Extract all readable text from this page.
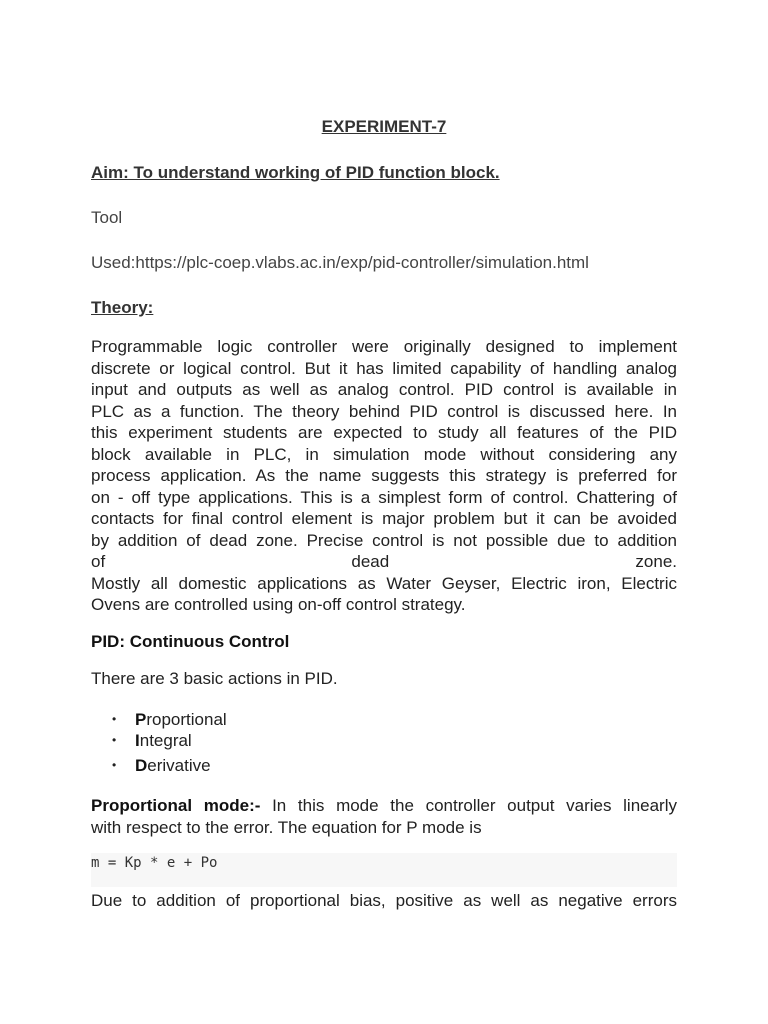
EXPERIMENT-7
Aim: To understand working of PID function block.
Tool
Used:https://plc-coep.vlabs.ac.in/exp/pid-controller/simulation.html
Theory:
Programmable logic controller were originally designed to implement
discrete or logical control. But it has limited capability of handling analog
input and outputs as well as analog control. PID control is available in
PLC as a function. The theory behind PID control is discussed here. In
this experiment students are expected to study all features of the PID
block available in PLC, in simulation mode without considering any
process application. As the name suggests this strategy is preferred for
on - off type applications. This is a simplest form of control. Chattering of
contacts for final control element is major problem but it can be avoided
by addition of dead zone. Precise control is not possible due to addition
of dead zone.
Mostly all domestic applications as Water Geyser, Electric iron, Electric
Ovens are controlled using on-off control strategy.
PID: Continuous Control
There are 3 basic actions in PID.
• Proportional
• Integral
• Derivative
Proportional mode:- In this mode the controller output varies linearly
with respect to the error. The equation for P mode is
m = Kp * e + Po
Due to addition of proportional bias, positive as well as negative errors
